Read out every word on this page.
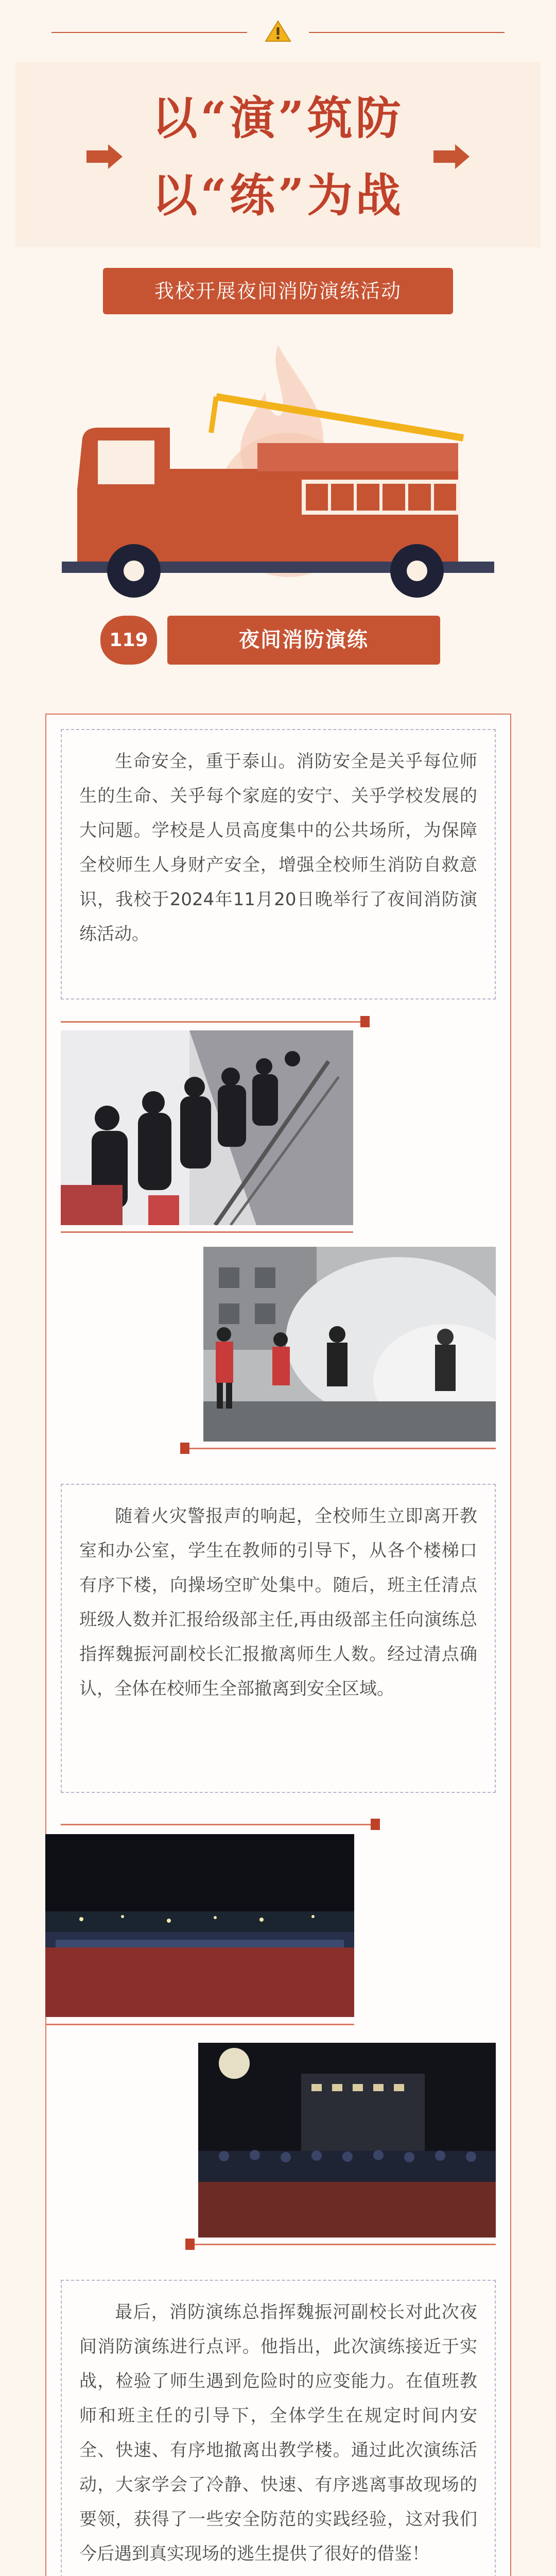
以“演”筑防
以“练”为战
我校开展夜间消防演练活动
119	夜间消防演练
生命安全，重于泰山。消防安全是关乎每位师生的生命、关乎每个家庭的安宁、关乎学校发展的大问题。学校是人员高度集中的公共场所，为保障全校师生人身财产安全，增强全校师生消防自救意识，我校于2024年11月20日晚举行了夜间消防演练活动。
随着火灾警报声的响起，全校师生立即离开教室和办公室，学生在教师的引导下，从各个楼梯口有序下楼，向操场空旷处集中。随后，班主任清点班级人数并汇报给级部主任,再由级部主任向演练总指挥魏振河副校长汇报撤离师生人数。经过清点确认，全体在校师生全部撤离到安全区域。
最后，消防演练总指挥魏振河副校长对此次夜间消防演练进行点评。他指出，此次演练接近于实战，检验了师生遇到危险时的应变能力。在值班教师和班主任的引导下，全体学生在规定时间内安全、快速、有序地撤离出教学楼。通过此次演练活动，大家学会了冷静、快速、有序逃离事故现场的要领，获得了一些安全防范的实践经验，这对我们今后遇到真实现场的逃生提供了很好的借鉴！
